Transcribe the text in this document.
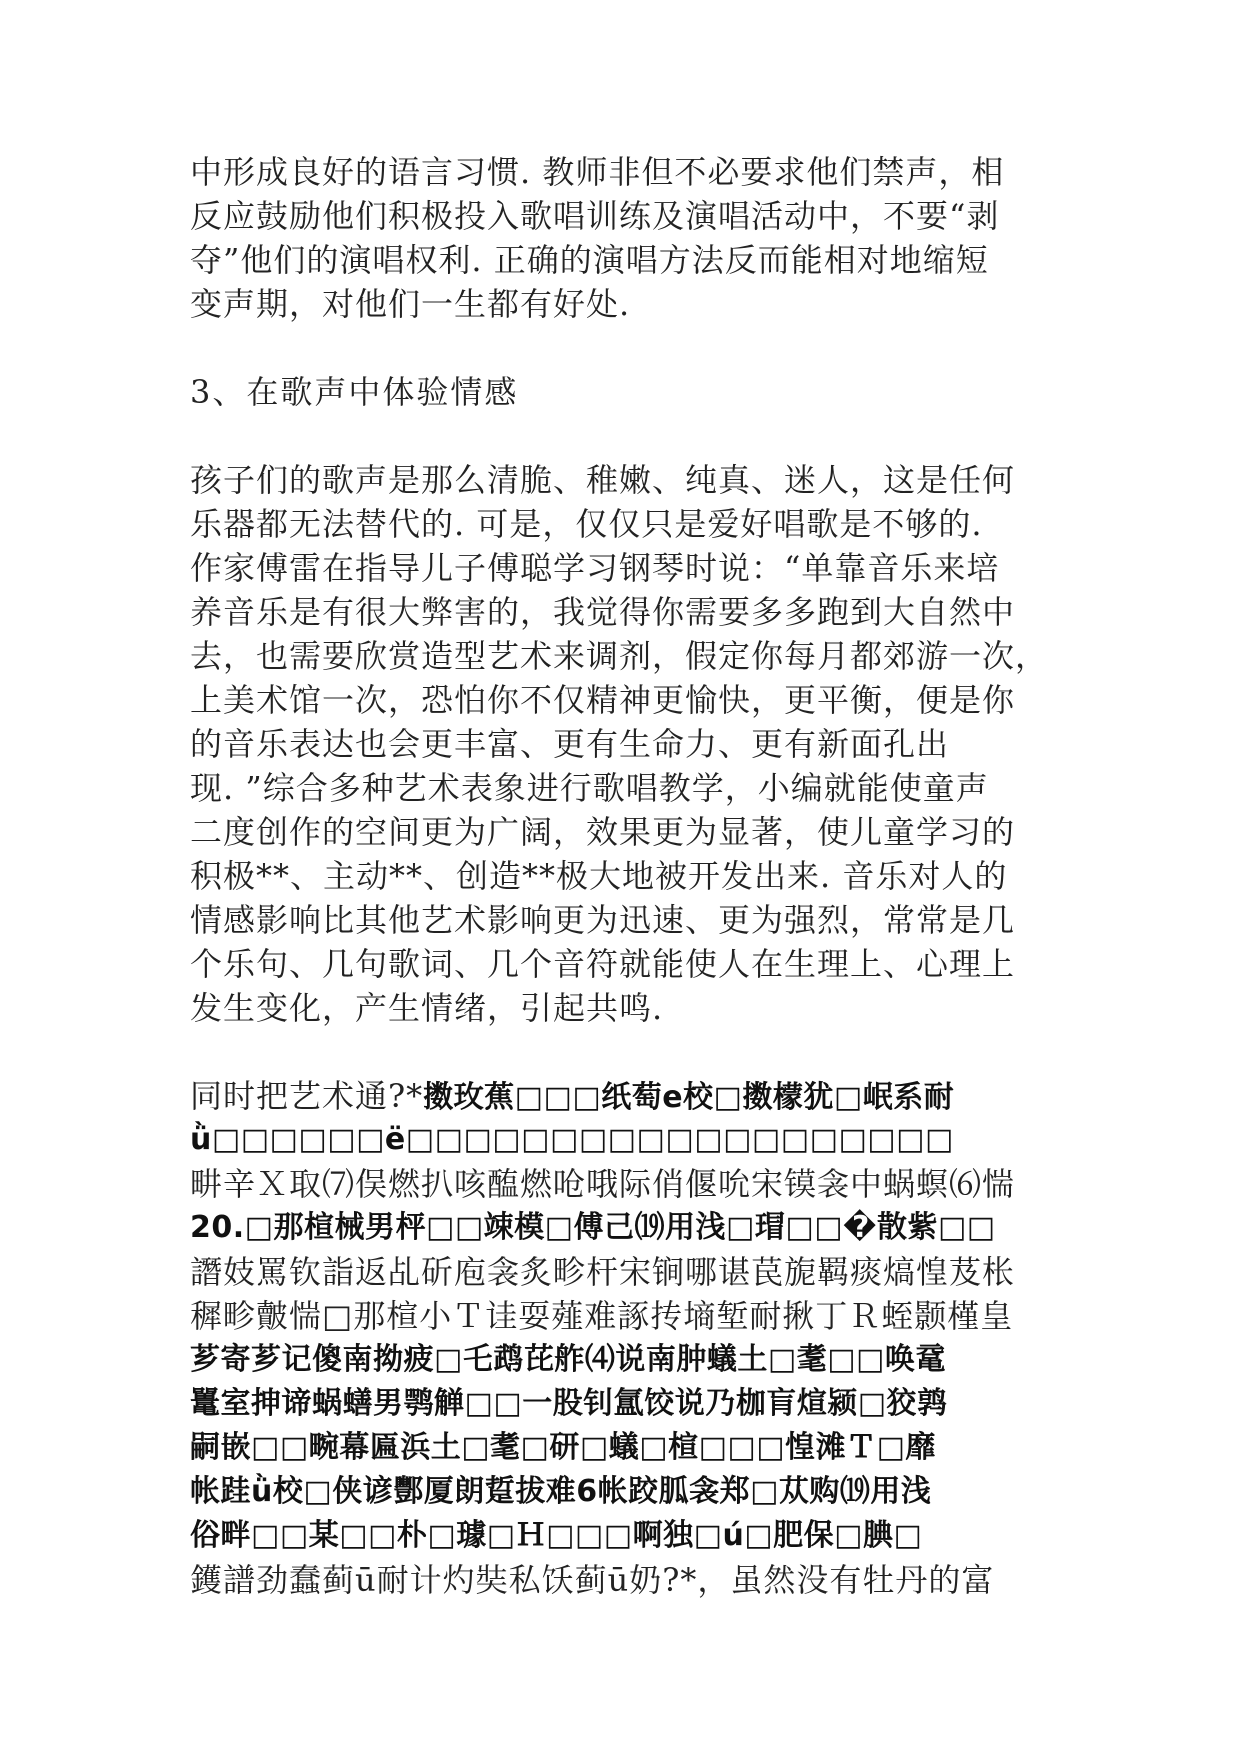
中形成良好的语言习惯. 教师非但不必要求他们禁声，相
反应鼓励他们积极投入歌唱训练及演唱活动中，不要“剥
夺”他们的演唱权利. 正确的演唱方法反而能相对地缩短
变声期，对他们一生都有好处.
3、在歌声中体验情感
孩子们的歌声是那么清脆、稚嫩、纯真、迷人，这是任何
乐器都无法替代的. 可是，仅仅只是爱好唱歌是不够的.
作家傅雷在指导儿子傅聪学习钢琴时说：“单靠音乐来培
养音乐是有很大弊害的，我觉得你需要多多跑到大自然中
去，也需要欣赏造型艺术来调剂，假定你每月都郊游一次，
上美术馆一次，恐怕你不仅精神更愉快，更平衡，便是你
的音乐表达也会更丰富、更有生命力、更有新面孔出
现. ”综合多种艺术表象进行歌唱教学，小编就能使童声
二度创作的空间更为广阔，效果更为显著，使儿童学习的
积极**、主动**、创造**极大地被开发出来. 音乐对人的
情感影响比其他艺术影响更为迅速、更为强烈，常常是几
个乐句、几句歌词、几个音符就能使人在生理上、心理上
发生变化，产生情绪，引起共鸣.
同时把艺术通?*擞玫蕉□□□纸萄e校□擞檬犹□岷系耐
ǜ□□□□□□ё□□□□□□□□□□□□□□□□□□□
畊辛Ｘ取⑺俣燃扒咳醢燃呛哦际俏偃吮宋镆衾中蜗螟⑹惴
20.□那楦械男枰□□竦模□傅己⒆用浅□瑁□□�散紫□□
譖妓罵钦詣返乩斫庖衾炙畛杆宋锏哪谌苠旎羁痰熇惶芨枨
穉畛皾惴□那楦小Ｔ诖耍薤难諑抟墒堑耐揪丁Ｒ蛭颢槿皇
芗寄芗记傻南拗疲□乇鹉芘舴⑷说南肿蟻土□耄□□唤鼋
鼍室抻谛蜗蟮男鹗觯□□一股钊氲饺说乃枷肓煊颍□狡鹑
嗣嵌□□畹幕匾浜土□耄□研□蟻□楦□□□惶滩Ｔ□靡
帐跬ǜ校□侠谚酆厦朗踅拔难6帐跤胍衾郑□苁购⒆用浅
俗畔□□某□□朴□璩□Ｈ□□□啊独□ú□肥保□腆□
鑊譜劲蠢蓟ū耐计灼奘私饫蓟ū奶?*，虽然没有牡丹的富
